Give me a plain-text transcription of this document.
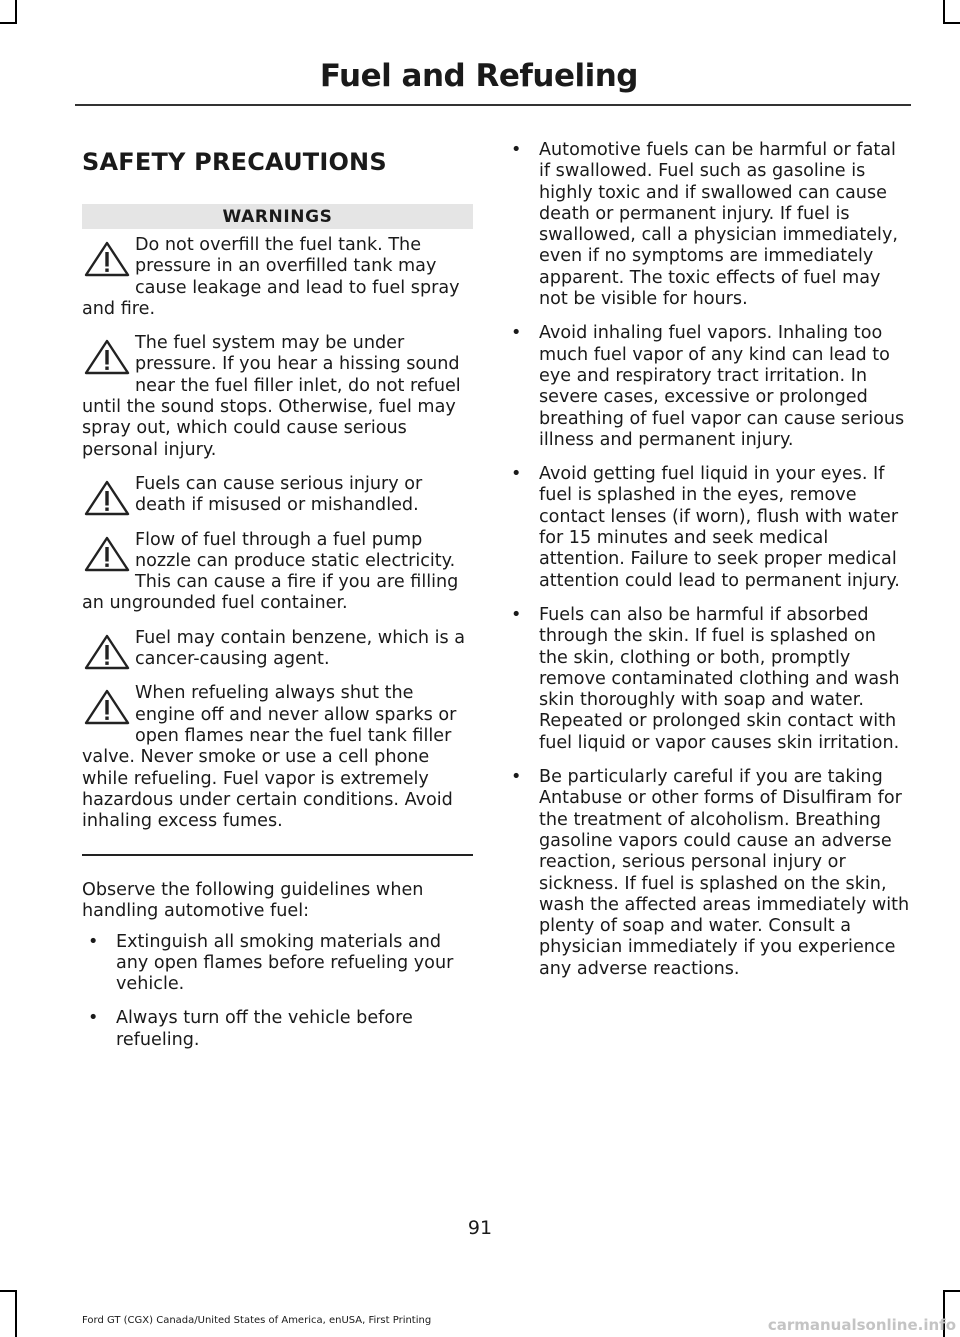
Fuel and Refueling
SAFETY PRECAUTIONS
WARNINGS
Do not overfill the fuel tank. The pressure in an overfilled tank may cause leakage and lead to fuel spray and fire.
The fuel system may be under pressure. If you hear a hissing sound near the fuel filler inlet, do not refuel until the sound stops. Otherwise, fuel may spray out, which could cause serious personal injury.
Fuels can cause serious injury or death if misused or mishandled.
Flow of fuel through a fuel pump nozzle can produce static electricity. This can cause a fire if you are filling an ungrounded fuel container.
Fuel may contain benzene, which is a cancer-causing agent.
When refueling always shut the engine off and never allow sparks or open flames near the fuel tank filler valve. Never smoke or use a cell phone while refueling. Fuel vapor is extremely hazardous under certain conditions. Avoid inhaling excess fumes.

Observe the following guidelines when handling automotive fuel:

• Extinguish all smoking materials and any open flames before refueling your vehicle.
• Always turn off the vehicle before refueling.
• Automotive fuels can be harmful or fatal if swallowed. Fuel such as gasoline is highly toxic and if swallowed can cause death or permanent injury. If fuel is swallowed, call a physician immediately, even if no symptoms are immediately apparent. The toxic effects of fuel may not be visible for hours.
• Avoid inhaling fuel vapors. Inhaling too much fuel vapor of any kind can lead to eye and respiratory tract irritation. In severe cases, excessive or prolonged breathing of fuel vapor can cause serious illness and permanent injury.
• Avoid getting fuel liquid in your eyes. If fuel is splashed in the eyes, remove contact lenses (if worn), flush with water for 15 minutes and seek medical attention. Failure to seek proper medical attention could lead to permanent injury.
• Fuels can also be harmful if absorbed through the skin. If fuel is splashed on the skin, clothing or both, promptly remove contaminated clothing and wash skin thoroughly with soap and water. Repeated or prolonged skin contact with fuel liquid or vapor causes skin irritation.
• Be particularly careful if you are taking Antabuse or other forms of Disulfiram for the treatment of alcoholism. Breathing gasoline vapors could cause an adverse reaction, serious personal injury or sickness. If fuel is splashed on the skin, wash the affected areas immediately with plenty of soap and water. Consult a physician immediately if you experience any adverse reactions.
91
Ford GT (CGX) Canada/United States of America, enUSA, First Printing	carmanualsonline.info
